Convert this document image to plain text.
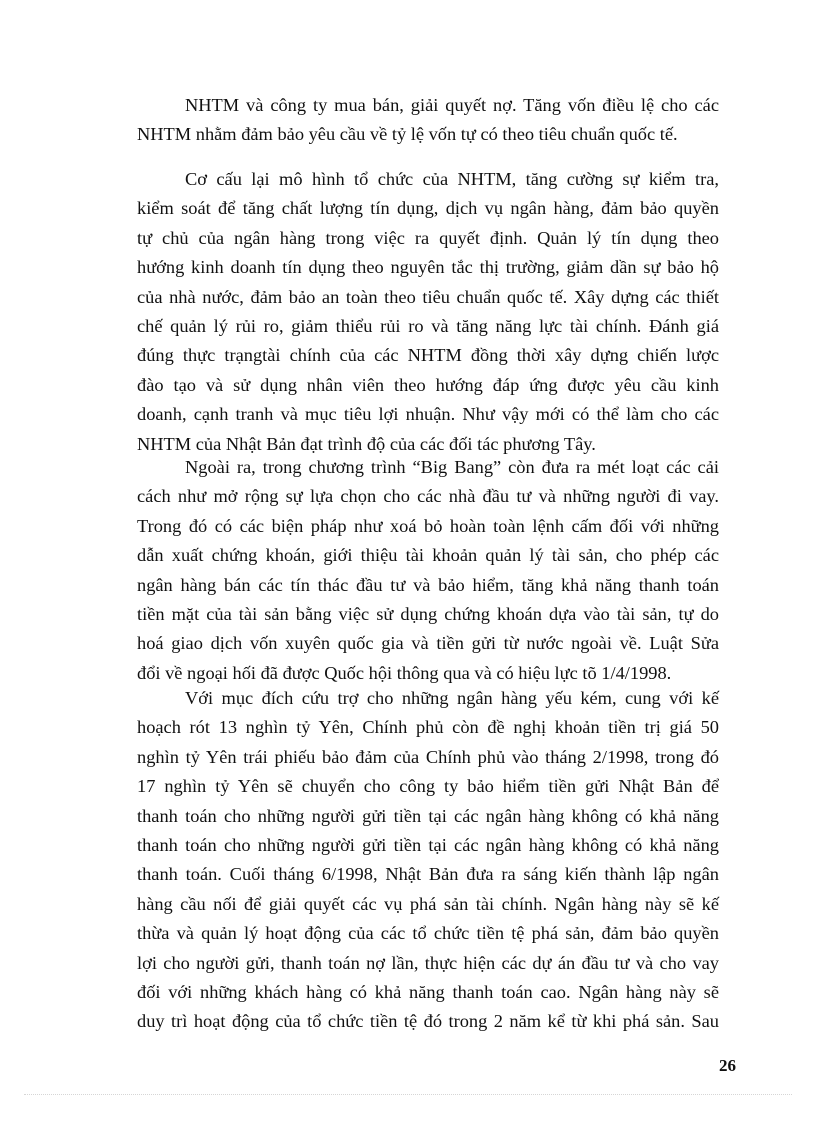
NHTM và công ty mua bán, giải quyết nợ. Tăng vốn điều lệ cho các
NHTM nhằm đảm bảo yêu cầu về tỷ lệ vốn tự có theo tiêu chuẩn quốc tế.
Cơ cấu lại mô hình tổ chức của NHTM, tăng cường sự kiểm tra,
kiểm soát để tăng chất lượng tín dụng, dịch vụ ngân hàng, đảm bảo quyền
tự chủ của ngân hàng trong việc ra quyết định. Quản lý tín dụng theo
hướng kinh doanh tín dụng theo nguyên tắc thị trường, giảm dần sự bảo hộ
của nhà nước, đảm bảo an toàn theo tiêu chuẩn quốc tế. Xây dựng các thiết
chế quản lý rủi ro, giảm thiểu rủi ro và tăng năng lực tài chính. Đánh giá
đúng thực trạngtài chính của các NHTM đồng thời xây dựng chiến lược
đào tạo và sử dụng nhân viên theo hướng đáp ứng được yêu cầu kinh
doanh, cạnh tranh và mục tiêu lợi nhuận. Như vậy mới có thể làm cho các
NHTM của Nhật Bản đạt trình độ của các đối tác phương Tây.
Ngoài ra, trong chương trình “Big Bang” còn đưa ra mét loạt các cải
cách như mở rộng sự lựa chọn cho các nhà đầu tư và những người đi vay.
Trong đó có các biện pháp như xoá bỏ hoàn toàn lệnh cấm đối với những
dẫn xuất chứng khoán, giới thiệu tài khoản quản lý tài sản, cho phép các
ngân hàng bán các tín thác đầu tư và bảo hiểm, tăng khả năng thanh toán
tiền mặt của tài sản bằng việc sử dụng chứng khoán dựa vào tài sản, tự do
hoá giao dịch vốn xuyên quốc gia và tiền gửi từ nước ngoài về. Luật Sửa
đổi về ngoại hối đã được Quốc hội thông qua và có hiệu lực tõ 1/4/1998.
Với mục đích cứu trợ cho những ngân hàng yếu kém, cung với kế
hoạch rót 13 nghìn tỷ Yên, Chính phủ còn đề nghị khoản tiền trị giá 50
nghìn tỷ Yên trái phiếu bảo đảm của Chính phủ vào tháng 2/1998, trong đó
17 nghìn tỷ Yên sẽ chuyển cho công ty bảo hiểm tiền gửi Nhật Bản để
thanh toán cho những người gửi tiền tại các ngân hàng không có khả năng
thanh toán cho những người gửi tiền tại các ngân hàng không có khả năng
thanh toán. Cuối tháng 6/1998, Nhật Bản đưa ra sáng kiến thành lập ngân
hàng cầu nối để giải quyết các vụ phá sản tài chính. Ngân hàng này sẽ kế
thừa và quản lý hoạt động của các tổ chức tiền tệ phá sản, đảm bảo quyền
lợi cho người gửi, thanh toán nợ lần, thực hiện các dự án đầu tư và cho vay
đối với những khách hàng có khả năng thanh toán cao. Ngân hàng này sẽ
duy trì hoạt động của tổ chức tiền tệ đó trong 2 năm kể từ khi phá sản. Sau
26
